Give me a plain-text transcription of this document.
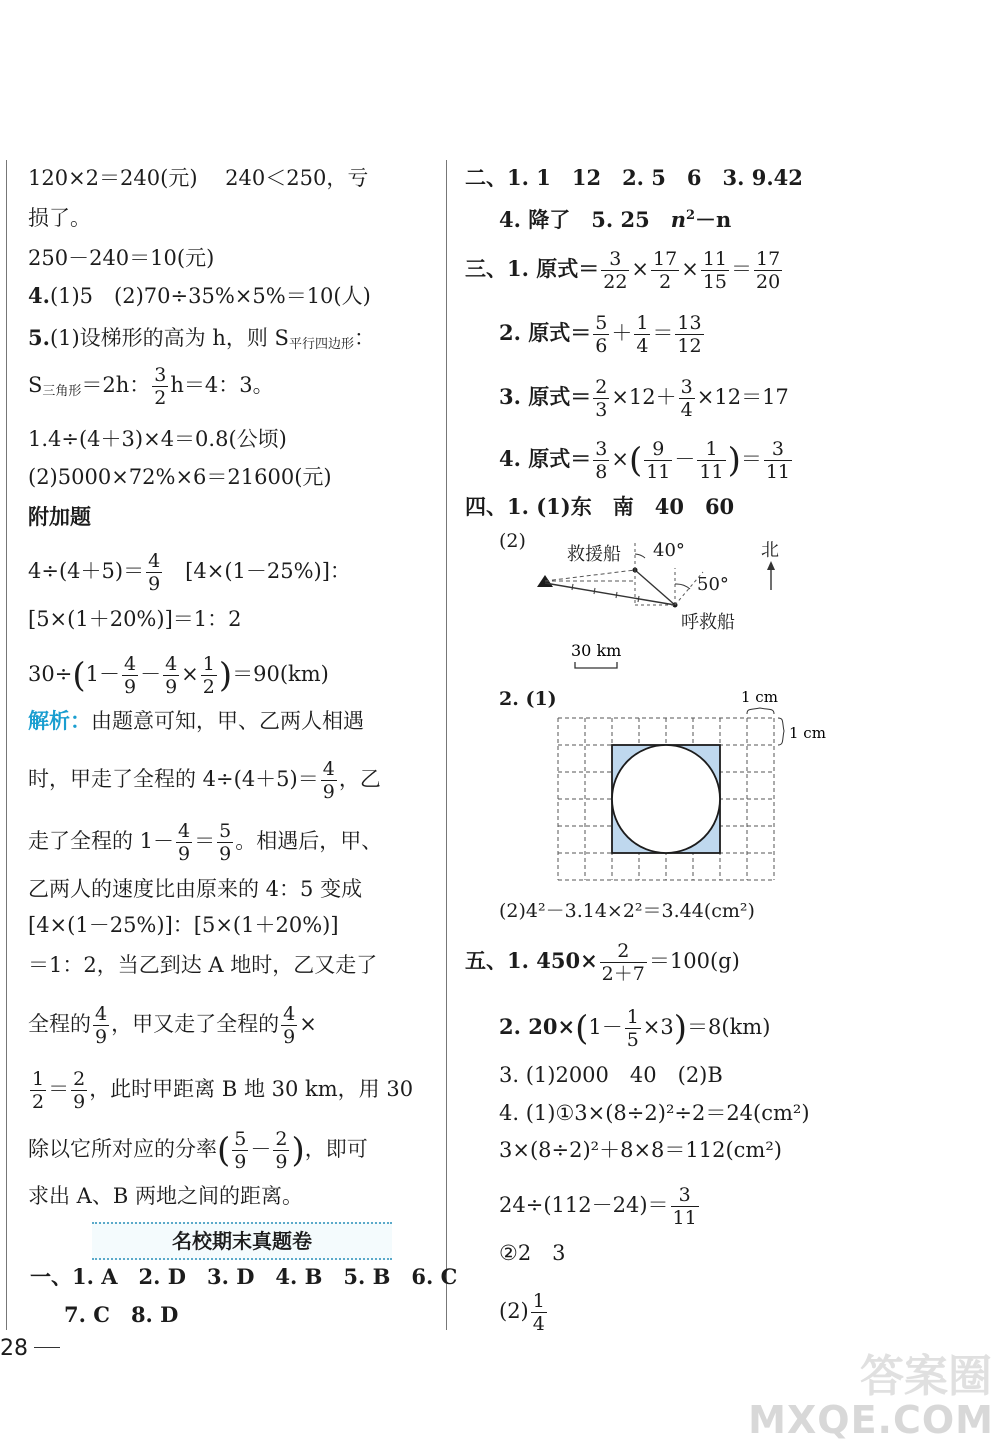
120×2＝240(元)　 240＜250，亏
损了。
250－240＝10(元)
4.(1)5　(2)70÷35%×5%＝10(人)
5.(1)设梯形的高为 h，则 $S_{平行四边形}$：
$S_{三角形}=2h$： $\frac{3}{2} h=4$：3。
1.4÷(4＋3)×4＝0.8(公顷)
(2)5000×72%×6＝21600(元)
附加题
$4\div(4+5)= \frac{4}{9}$ 　[4×(1－25%)]：
[5×(1＋20%)]＝1：2
$30\div(1- \frac{4}{9} - \frac{4}{9} \times \frac{1}{2} )=90(km)$
解析：由题意可知，甲、乙两人相遇
时，甲走了全程的 $4\div(4+5)= \frac{4}{9}$ ，乙
走了全程的 $1- \frac{4}{9} = \frac{5}{9}$ 。相遇后，甲、
乙两人的速度比由原来的 4：5 变成
[4×(1－25%)]：[5×(1＋20%)]
＝1：2，当乙到达 A 地时，乙又走了
全程的 $\frac{4}{9}$ ，甲又走了全程的 $\frac{4}{9}$ ×
$\frac{1}{2} = \frac{2}{9}$ ，此时甲距离 B 地 30 km，用 30
除以它所对应的分率( $\frac{5}{9} - \frac{2}{9}$ )，即可
求出 A、B 两地之间的距离。
名校期末真题卷
一、1. A　2. D　3. D　4. B　5. B　6. C
7. C　8. D
二、1. 1　12　2. 5　6　3. 9.42
4. 降了　5. 25　$n^2-n$
三、1. 原式＝ $\frac{3}{22} \times \frac{17}{2} \times \frac{11}{15} = \frac{17}{20}$
2. 原式＝ $\frac{5}{6} + \frac{1}{4} = \frac{13}{12}$
3. 原式＝ $\frac{2}{3} \times 12+ \frac{3}{4} \times 12=17$
4. 原式＝ $\frac{3}{8}$ ×( $\frac{9}{11} - \frac{1}{11}$ )＝ $\frac{3}{11}$
四、1. (1)东　南　40　60
(2)
救援船 40°
50°
北
呼救船
30 km
2. (1)	1 cm
1 cm
(2)4²－3.14×2²＝3.44(cm²)
五、1. $450\times \frac{2}{2+7} =100(g)$
2. $20\times(1- \frac{1}{5} \times 3)=8(km)$
3. (1)2000　40　(2)B
4. (1)①3×(8÷2)²÷2＝24(cm²)
3×(8÷2)²＋8×8＝112(cm²)
$24\div(112-24)= \frac{3}{11}$
②2　3
$(2) \frac{1}{4}$
28
答案圈
MXQE.COM
